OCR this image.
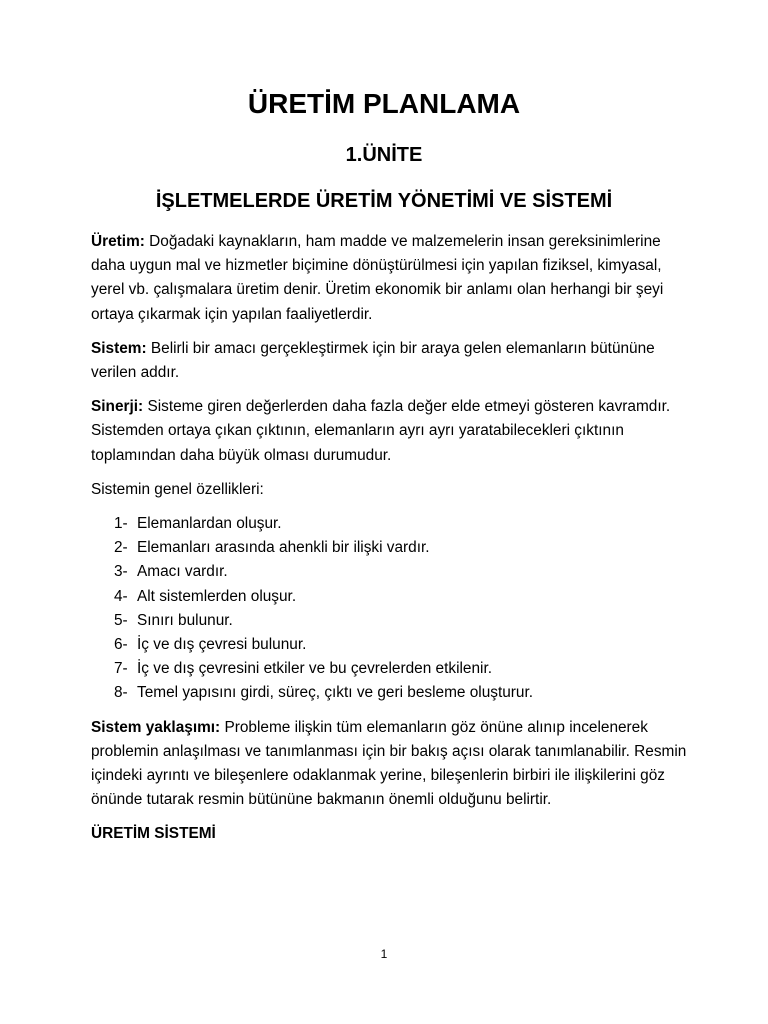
ÜRETİM PLANLAMA
1.ÜNİTE
İŞLETMELERDE ÜRETİM YÖNETİMİ VE SİSTEMİ

Üretim: Doğadaki kaynakların, ham madde ve malzemelerin insan gereksinimlerine daha uygun mal ve hizmetler biçimine dönüştürülmesi için yapılan fiziksel, kimyasal, yerel vb. çalışmalara üretim denir. Üretim ekonomik bir anlamı olan herhangi bir şeyi ortaya çıkarmak için yapılan faaliyetlerdir.

Sistem: Belirli bir amacı gerçekleştirmek için bir araya gelen elemanların bütününe verilen addır.

Sinerji: Sisteme giren değerlerden daha fazla değer elde etmeyi gösteren kavramdır. Sistemden ortaya çıkan çıktının, elemanların ayrı ayrı yaratabilecekleri çıktının toplamından daha büyük olması durumudur.

Sistemin genel özellikleri:

1- Elemanlardan oluşur.
2- Elemanları arasında ahenkli bir ilişki vardır.
3- Amacı vardır.
4- Alt sistemlerden oluşur.
5- Sınırı bulunur.
6- İç ve dış çevresi bulunur.
7- İç ve dış çevresini etkiler ve bu çevrelerden etkilenir.
8- Temel yapısını girdi, süreç, çıktı ve geri besleme oluşturur.

Sistem yaklaşımı: Probleme ilişkin tüm elemanların göz önüne alınıp incelenerek problemin anlaşılması ve tanımlanması için bir bakış açısı olarak tanımlanabilir. Resmin içindeki ayrıntı ve bileşenlere odaklanmak yerine, bileşenlerin birbiri ile ilişkilerini göz önünde tutarak resmin bütününe bakmanın önemli olduğunu belirtir.

ÜRETİM SİSTEMİ

1
